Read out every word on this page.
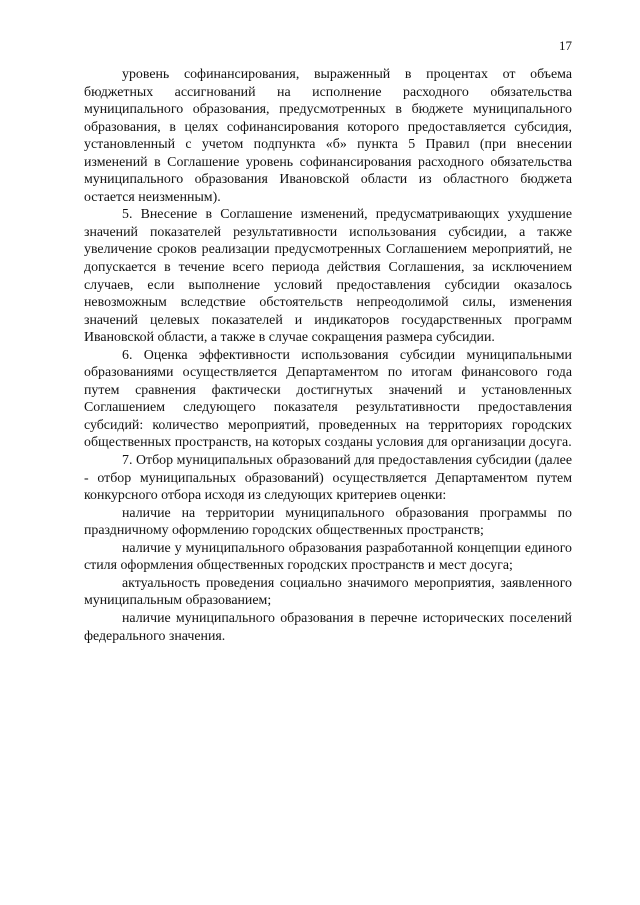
17

уровень софинансирования, выраженный в процентах от объема бюджетных ассигнований на исполнение расходного обязательства муниципального образования, предусмотренных в бюджете муниципального образования, в целях софинансирования которого предоставляется субсидия, установленный с учетом подпункта «б» пункта 5 Правил (при внесении изменений в Соглашение уровень софинансирования расходного обязательства муниципального образования Ивановской области из областного бюджета остается неизменным).

5. Внесение в Соглашение изменений, предусматривающих ухудшение значений показателей результативности использования субсидии, а также увеличение сроков реализации предусмотренных Соглашением мероприятий, не допускается в течение всего периода действия Соглашения, за исключением случаев, если выполнение условий предоставления субсидии оказалось невозможным вследствие обстоятельств непреодолимой силы, изменения значений целевых показателей и индикаторов государственных программ Ивановской области, а также в случае сокращения размера субсидии.

6. Оценка эффективности использования субсидии муниципальными образованиями осуществляется Департаментом по итогам финансового года путем сравнения фактически достигнутых значений и установленных Соглашением следующего показателя результативности предоставления субсидий: количество мероприятий, проведенных на территориях городских общественных пространств, на которых созданы условия для организации досуга.

7. Отбор муниципальных образований для предоставления субсидии (далее - отбор муниципальных образований) осуществляется Департаментом путем конкурсного отбора исходя из следующих критериев оценки:

наличие на территории муниципального образования программы по праздничному оформлению городских общественных пространств;

наличие у муниципального образования разработанной концепции единого стиля оформления общественных городских пространств и мест досуга;

актуальность проведения социально значимого мероприятия, заявленного муниципальным образованием;

наличие муниципального образования в перечне исторических поселений федерального значения.
